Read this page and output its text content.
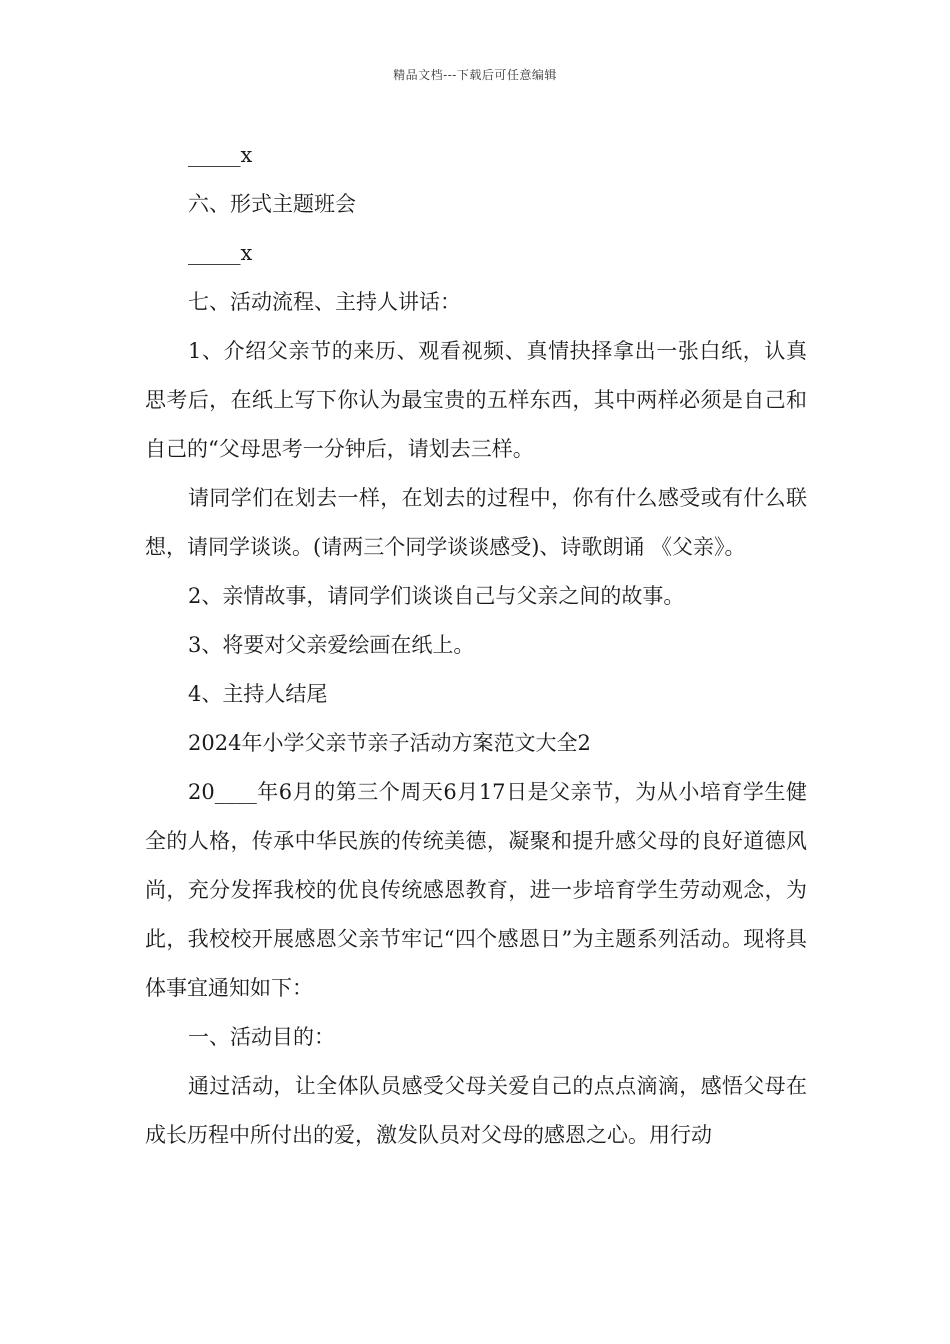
精品文档---下载后可任意编辑

_____x

六、形式主题班会

_____x

七、活动流程、主持人讲话：

1、介绍父亲节的来历、观看视频、真情抉择拿出一张白纸，认真思考后，在纸上写下你认为最宝贵的五样东西，其中两样必须是自己和自己的“父母思考一分钟后，请划去三样。

请同学们在划去一样，在划去的过程中，你有什么感受或有什么联想，请同学谈谈。(请两三个同学谈谈感受)、诗歌朗诵 《父亲》。

2、亲情故事，请同学们谈谈自己与父亲之间的故事。

3、将要对父亲爱绘画在纸上。

4、主持人结尾

2024年小学父亲节亲子活动方案范文大全2

20____年6月的第三个周天6月17日是父亲节，为从小培育学生健全的人格，传承中华民族的传统美德，凝聚和提升感父母的良好道德风尚，充分发挥我校的优良传统感恩教育，进一步培育学生劳动观念，为此，我校校开展感恩父亲节牢记“四个感恩日”为主题系列活动。现将具体事宜通知如下：

一、活动目的：

通过活动，让全体队员感受父母关爱自己的点点滴滴，感悟父母在成长历程中所付出的爱，激发队员对父母的感恩之心。用行动
